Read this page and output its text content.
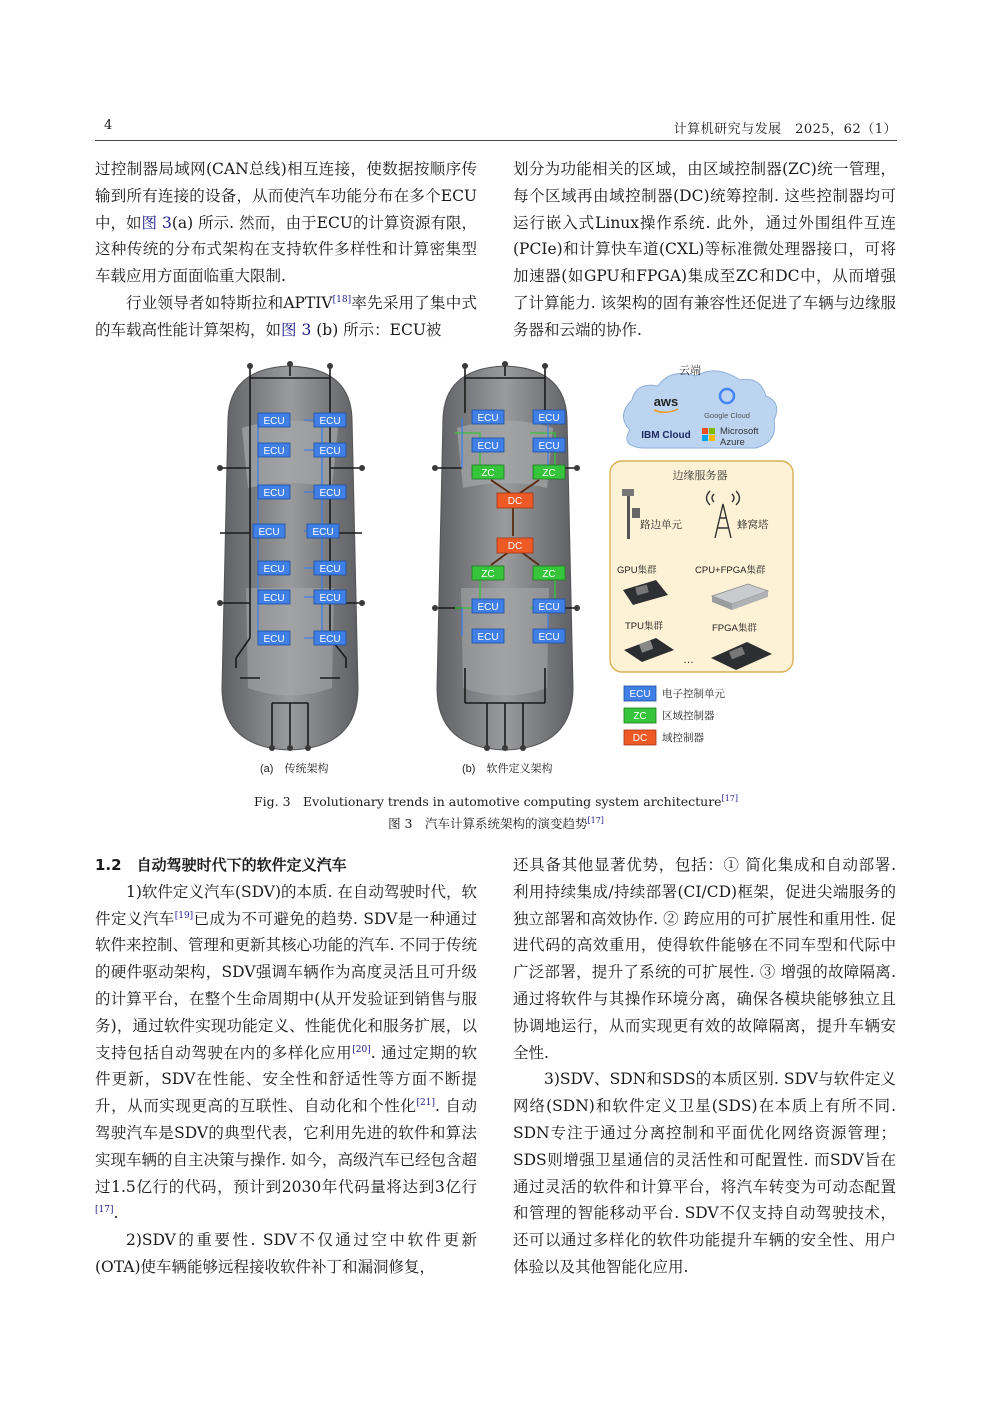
4	计算机研究与发展　2025，62（1）

过控制器局域网(CAN总线)相互连接，使数据按顺序传输到所有连接的设备，从而使汽车功能分布在多个ECU中，如图 3(a) 所示. 然而，由于ECU的计算资源有限，这种传统的分布式架构在支持软件多样性和计算密集型车载应用方面面临重大限制.

行业领导者如特斯拉和APTIV[18]率先采用了集中式的车载高性能计算架构，如图 3 (b) 所示：ECU被

划分为功能相关的区域，由区域控制器(ZC)统一管理，每个区域再由域控制器(DC)统筹控制. 这些控制器均可运行嵌入式Linux操作系统. 此外，通过外围组件互连(PCIe)和计算快车道(CXL)等标准微处理器接口，可将加速器(如GPU和FPGA)集成至ZC和DC中，从而增强了计算能力. 该架构的固有兼容性还促进了车辆与边缘服务器和云端的协作.

ECU	ECU
ECU	ECU
ECU	ECU
ECU	ECU
ECU	ECU
ECU	ECU
ECU	ECU
ECU	ECU
ECU	ECU
ZC	ZC
DC
DC
ZC	ZC
ECU	ECU
ECU	ECU
云端
aws
Google Cloud
IBM Cloud	Microsoft
Azure
边缘服务器
路边单元	蜂窝塔
GPU集群	CPU+FPGA集群
TPU集群
…
FPGA集群
ECU 电子控制单元
ZC 区域控制器
DC 域控制器
(a)　传统架构	(b)　软件定义架构
Fig. 3　Evolutionary trends in automotive computing system architecture[17]
图 3　汽车计算系统架构的演变趋势[17]

1.2　自动驾驶时代下的软件定义汽车

1)软件定义汽车(SDV)的本质. 在自动驾驶时代，软件定义汽车[19]已成为不可避免的趋势. SDV是一种通过软件来控制、管理和更新其核心功能的汽车. 不同于传统的硬件驱动架构，SDV强调车辆作为高度灵活且可升级的计算平台，在整个生命周期中(从开发验证到销售与服务)，通过软件实现功能定义、性能优化和服务扩展，以支持包括自动驾驶在内的多样化应用[20]. 通过定期的软件更新，SDV在性能、安全性和舒适性等方面不断提升，从而实现更高的互联性、自动化和个性化[21]. 自动驾驶汽车是SDV的典型代表，它利用先进的软件和算法实现车辆的自主决策与操作. 如今，高级汽车已经包含超过1.5亿行的代码，预计到2030年代码量将达到3亿行[17].

2)SDV的重要性. SDV不仅通过空中软件更新(OTA)使车辆能够远程接收软件补丁和漏洞修复，

还具备其他显著优势，包括：① 简化集成和自动部署. 利用持续集成/持续部署(CI/CD)框架，促进尖端服务的独立部署和高效协作. ② 跨应用的可扩展性和重用性. 促进代码的高效重用，使得软件能够在不同车型和代际中广泛部署，提升了系统的可扩展性. ③ 增强的故障隔离. 通过将软件与其操作环境分离，确保各模块能够独立且协调地运行，从而实现更有效的故障隔离，提升车辆安全性.

3)SDV、SDN和SDS的本质区别. SDV与软件定义网络(SDN)和软件定义卫星(SDS)在本质上有所不同. SDN专注于通过分离控制和平面优化网络资源管理；SDS则增强卫星通信的灵活性和可配置性. 而SDV旨在通过灵活的软件和计算平台，将汽车转变为可动态配置和管理的智能移动平台. SDV不仅支持自动驾驶技术，还可以通过多样化的软件功能提升车辆的安全性、用户体验以及其他智能化应用.
